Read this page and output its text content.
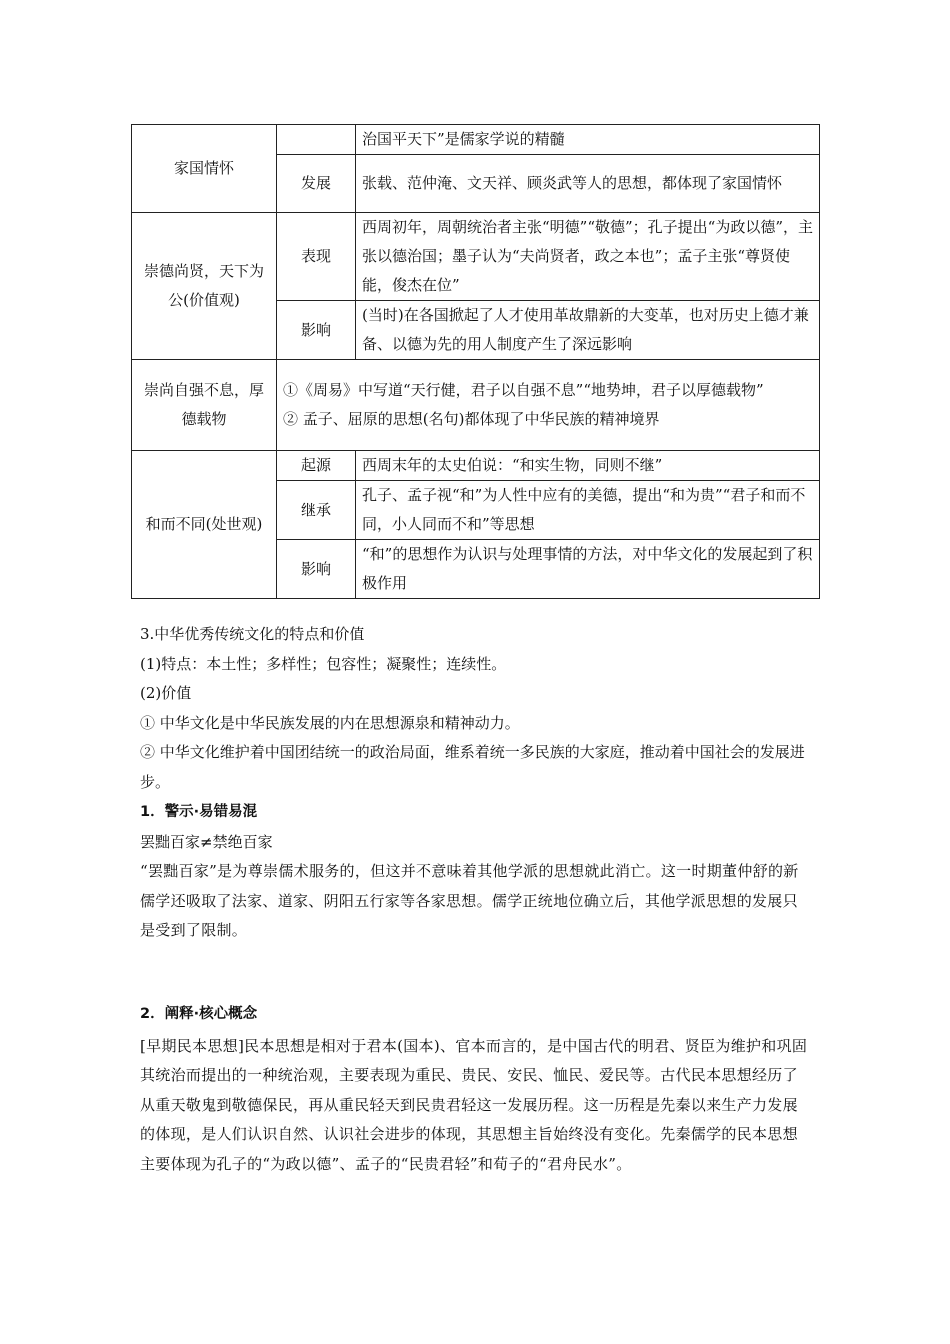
家国情怀		治国平天下”是儒家学说的精髓
	发展	张载、范仲淹、文天祥、顾炎武等人的思想，都体现了家国情怀
崇德尚贤，天下为公(价值观)	表现	西周初年，周朝统治者主张“明德”“敬德”；孔子提出“为政以德”，主张以德治国；墨子认为“夫尚贤者，政之本也”；孟子主张“尊贤使能，俊杰在位”
	影响	(当时)在各国掀起了人才使用革故鼎新的大变革，也对历史上德才兼备、以德为先的用人制度产生了深远影响
崇尚自强不息，厚德载物	①《周易》中写道“天行健，君子以自强不息”“地势坤，君子以厚德载物”
② 孟子、屈原的思想(名句)都体现了中华民族的精神境界	

和而不同(处世观)	起源	西周末年的太史伯说：“和实生物，同则不继”
	继承	孔子、孟子视“和”为人性中应有的美德，提出“和为贵”“君子和而不同，小人同而不和”等思想
	影响	“和”的思想作为认识与处理事情的方法，对中华文化的发展起到了积极作用

3.中华优秀传统文化的特点和价值

(1)特点：本土性；多样性；包容性；凝聚性；连续性。

(2)价值

① 中华文化是中华民族发展的内在思想源泉和精神动力。

② 中华文化维护着中国团结统一的政治局面，维系着统一多民族的大家庭，推动着中国社会的发展进步。

1．警示·易错易混

罢黜百家≠禁绝百家

“罢黜百家”是为尊崇儒术服务的，但这并不意味着其他学派的思想就此消亡。这一时期董仲舒的新儒学还吸取了法家、道家、阴阳五行家等各家思想。儒学正统地位确立后，其他学派思想的发展只是受到了限制。

2．阐释·核心概念

[早期民本思想]民本思想是相对于君本(国本)、官本而言的，是中国古代的明君、贤臣为维护和巩固其统治而提出的一种统治观，主要表现为重民、贵民、安民、恤民、爱民等。古代民本思想经历了从重天敬鬼到敬德保民，再从重民轻天到民贵君轻这一发展历程。这一历程是先秦以来生产力发展的体现，是人们认识自然、认识社会进步的体现，其思想主旨始终没有变化。先秦儒学的民本思想主要体现为孔子的“为政以德”、孟子的“民贵君轻”和荀子的“君舟民水”。
